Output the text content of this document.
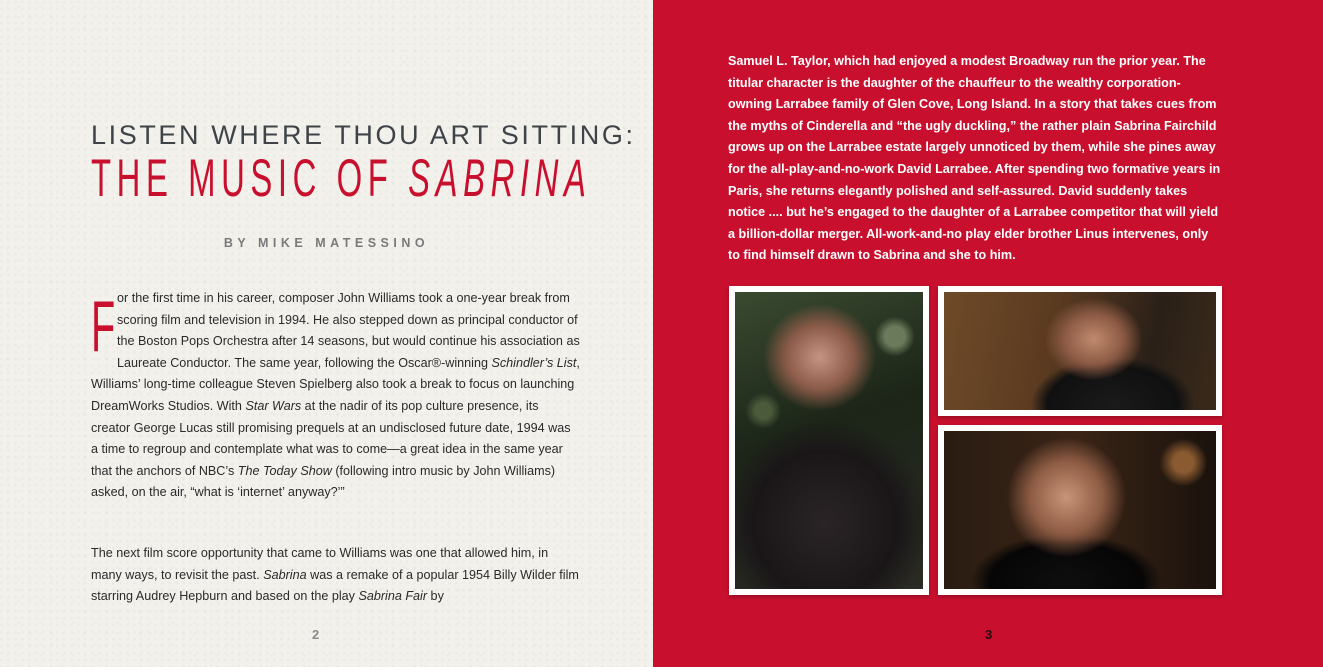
LISTEN WHERE THOU ART SITTING:
THE MUSIC OF SABRINA
BY MIKE MATESSINO
F or the first time in his career, composer John Williams took a one-year break from scoring film and television in 1994. He also stepped down as principal conductor of the Boston Pops Orchestra after 14 seasons, but would continue his association as Laureate Conductor. The same year, following the Oscar®-winning Schindler’s List, Williams’ long-time colleague Steven Spielberg also took a break to focus on launching DreamWorks Studios. With Star Wars at the nadir of its pop culture presence, its creator George Lucas still promising prequels at an undisclosed future date, 1994 was a time to regroup and contemplate what was to come—a great idea in the same year that the anchors of NBC’s The Today Show (following intro music by John Williams) asked, on the air, “what is ‘internet’ anyway?’”
The next film score opportunity that came to Williams was one that allowed him, in many ways, to revisit the past. Sabrina was a remake of a popular 1954 Billy Wilder film starring Audrey Hepburn and based on the play Sabrina Fair by
2
Samuel L. Taylor, which had enjoyed a modest Broadway run the prior year. The titular character is the daughter of the chauffeur to the wealthy corporation-owning Larrabee family of Glen Cove, Long Island. In a story that takes cues from the myths of Cinderella and “the ugly duckling,” the rather plain Sabrina Fairchild grows up on the Larrabee estate largely unnoticed by them, while she pines away for the all-play-and-no-work David Larrabee. After spending two formative years in Paris, she returns elegantly polished and self-assured. David suddenly takes notice .... but he’s engaged to the daughter of a Larrabee competitor that will yield a billion-dollar merger. All-work-and-no play elder brother Linus intervenes, only to find himself drawn to Sabrina and she to him.
3
